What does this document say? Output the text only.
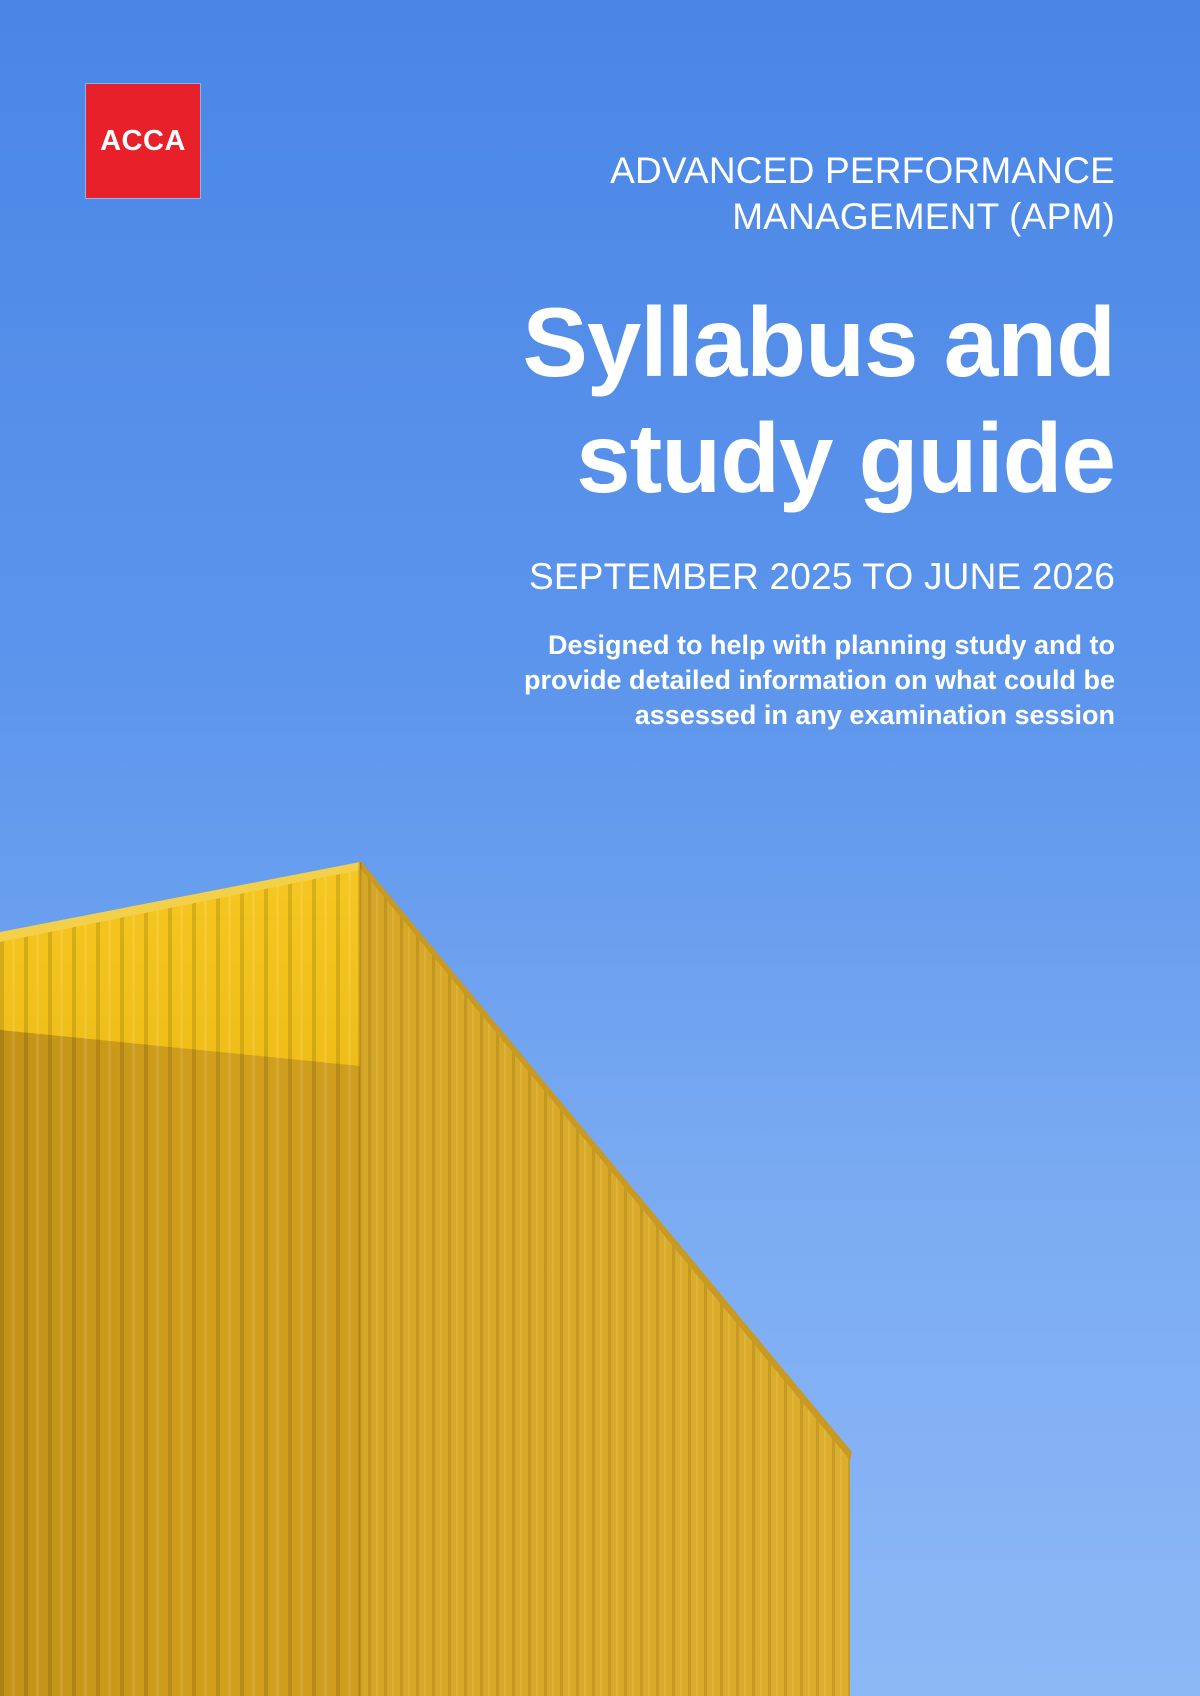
ACCA

ADVANCED PERFORMANCE
MANAGEMENT (APM)

Syllabus and
study guide

SEPTEMBER 2025 TO JUNE 2026

Designed to help with planning study and to
provide detailed information on what could be
assessed in any examination session
